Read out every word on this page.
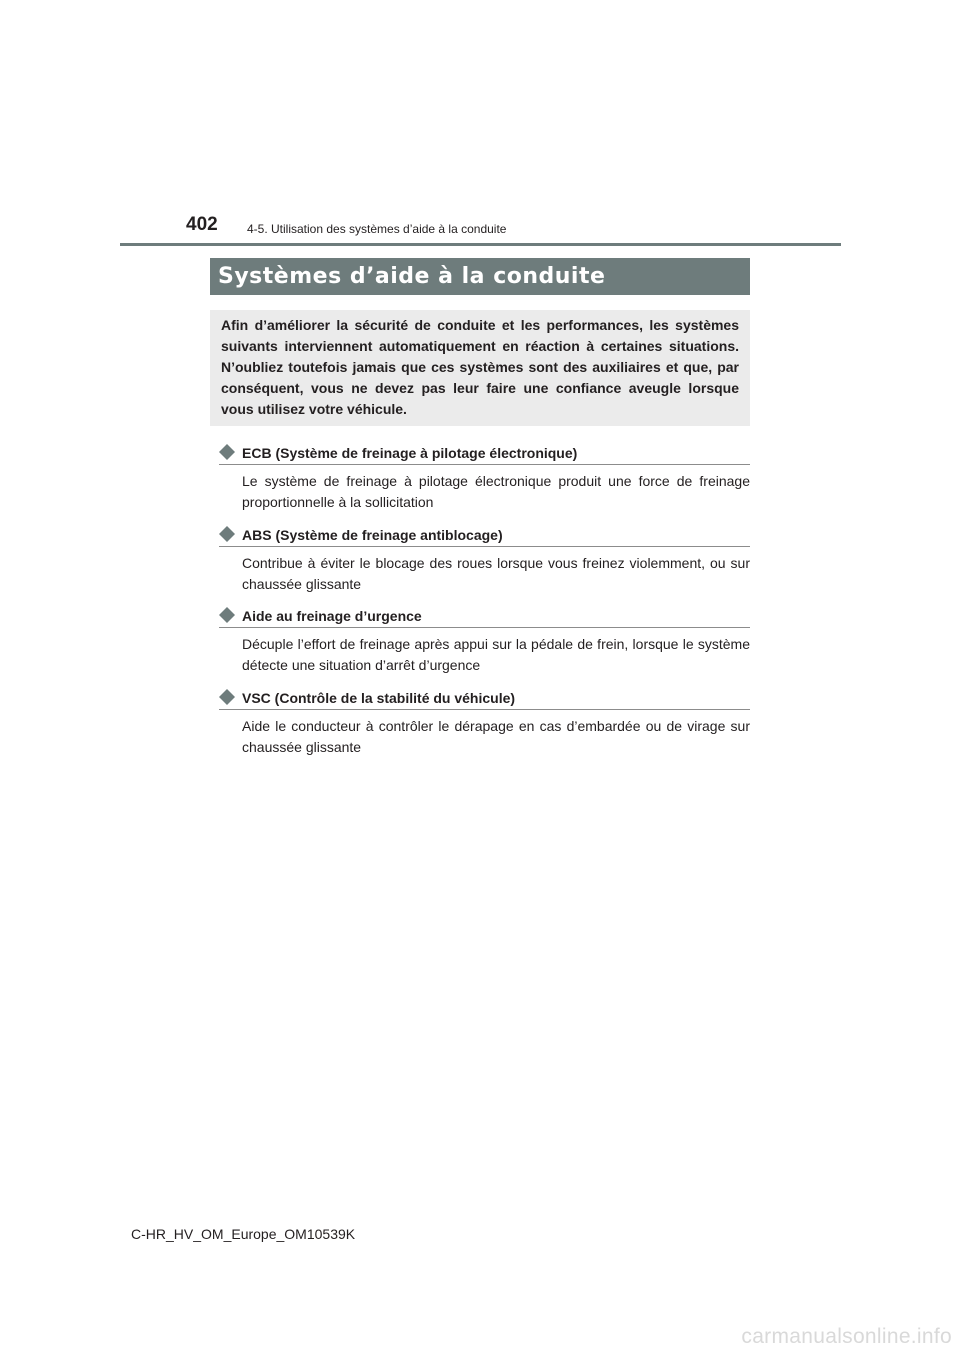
402 4-5. Utilisation des systèmes d’aide à la conduite
Systèmes d’aide à la conduite

Afin d’améliorer la sécurité de conduite et les performances, les systèmes suivants interviennent automatiquement en réaction à certaines situations. N’oubliez toutefois jamais que ces systèmes sont des auxiliaires et que, par conséquent, vous ne devez pas leur faire une confiance aveugle lorsque vous utilisez votre véhicule.

ECB (Système de freinage à pilotage électronique)

Le système de freinage à pilotage électronique produit une force de freinage proportionnelle à la sollicitation

ABS (Système de freinage antiblocage)

Contribue à éviter le blocage des roues lorsque vous freinez violemment, ou sur chaussée glissante

Aide au freinage d’urgence

Décuple l’effort de freinage après appui sur la pédale de frein, lorsque le système détecte une situation d’arrêt d’urgence

VSC (Contrôle de la stabilité du véhicule)

Aide le conducteur à contrôler le dérapage en cas d’embardée ou de virage sur chaussée glissante

C-HR_HV_OM_Europe_OM10539K
carmanualsonline.info
